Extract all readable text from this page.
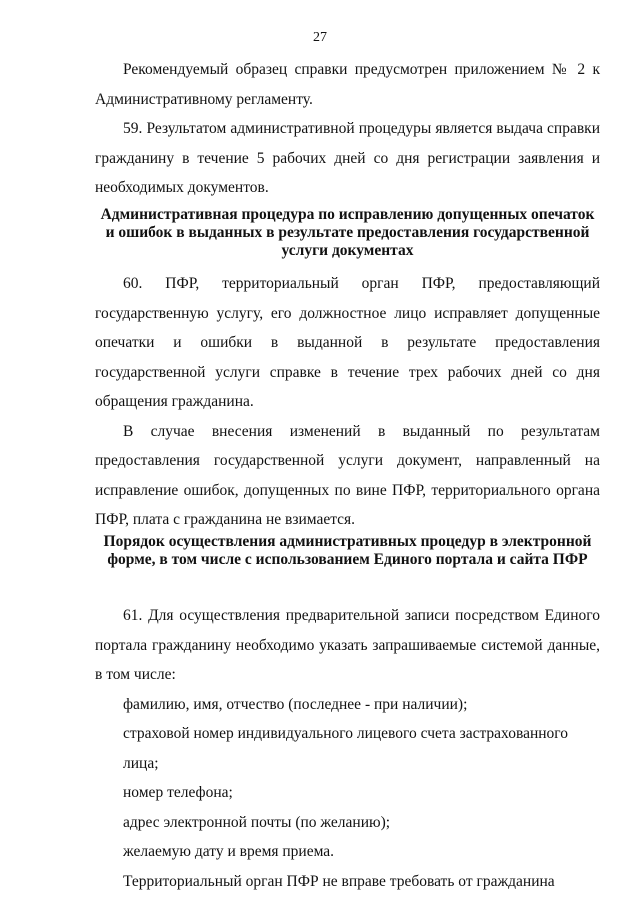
27

Рекомендуемый образец справки предусмотрен приложением № 2 к Административному регламенту.

59. Результатом административной процедуры является выдача справки гражданину в течение 5 рабочих дней со дня регистрации заявления и необходимых документов.

Административная процедура по исправлению допущенных опечаток и ошибок в выданных в результате предоставления государственной услуги документах

60. ПФР, территориальный орган ПФР, предоставляющий государственную услугу, его должностное лицо исправляет допущенные опечатки и ошибки в выданной в результате предоставления государственной услуги справке в течение трех рабочих дней со дня обращения гражданина.

В случае внесения изменений в выданный по результатам предоставления государственной услуги документ, направленный на исправление ошибок, допущенных по вине ПФР, территориального органа ПФР, плата с гражданина не взимается.

Порядок осуществления административных процедур в электронной форме, в том числе с использованием Единого портала и сайта ПФР

61. Для осуществления предварительной записи посредством Единого портала гражданину необходимо указать запрашиваемые системой данные, в том числе:

фамилию, имя, отчество (последнее - при наличии);

страховой номер индивидуального лицевого счета застрахованного лица;

номер телефона;

адрес электронной почты (по желанию);

желаемую дату и время приема.

Территориальный орган ПФР не вправе требовать от гражданина
